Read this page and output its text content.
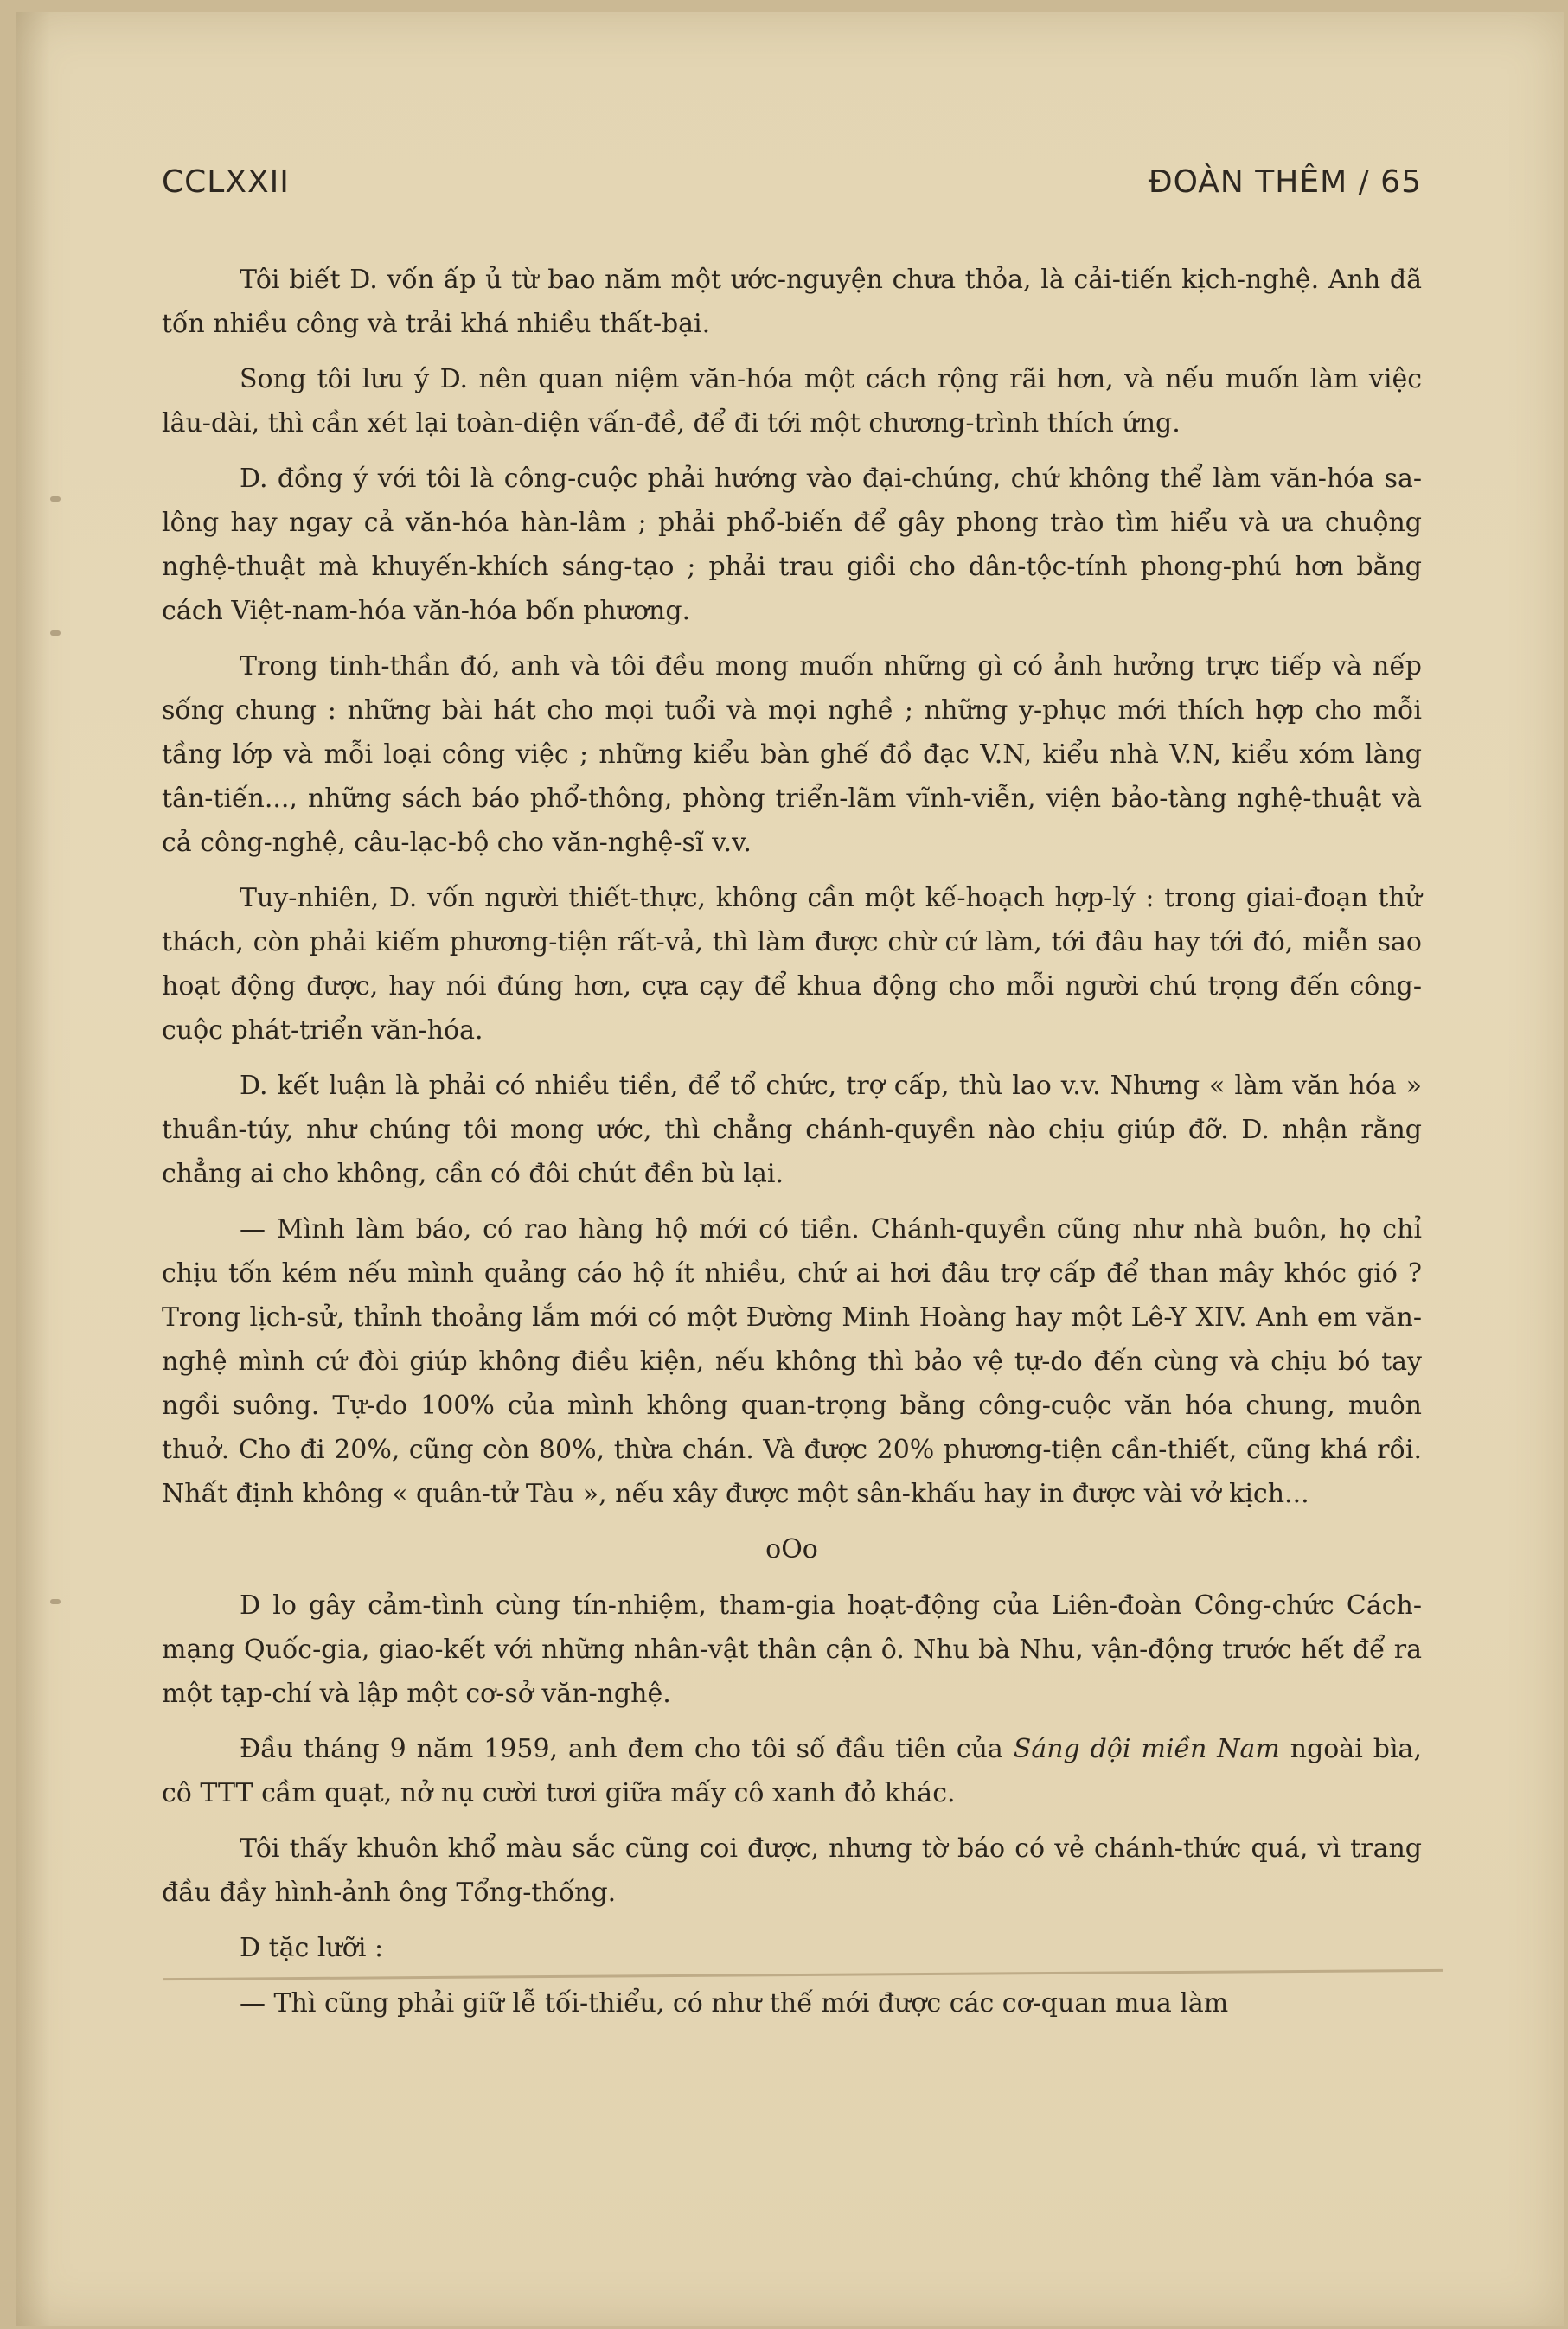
CCLXXII	ĐOÀN THÊM / 65

Tôi biết D. vốn ấp ủ từ bao năm một ước-nguyện chưa thỏa, là cải-tiến kịch-nghệ. Anh đã tốn nhiều công và trải khá nhiều thất-bại.

Song tôi lưu ý D. nên quan niệm văn-hóa một cách rộng rãi hơn, và nếu muốn làm việc lâu-dài, thì cần xét lại toàn-diện vấn-đề, để đi tới một chương-trình thích ứng.

D. đồng ý với tôi là công-cuộc phải hướng vào đại-chúng, chứ không thể làm văn-hóa sa-lông hay ngay cả văn-hóa hàn-lâm ; phải phổ-biến để gây phong trào tìm hiểu và ưa chuộng nghệ-thuật mà khuyến-khích sáng-tạo ; phải trau giồi cho dân-tộc-tính phong-phú hơn bằng cách Việt-nam-hóa văn-hóa bốn phương.

Trong tinh-thần đó, anh và tôi đều mong muốn những gì có ảnh hưởng trực tiếp và nếp sống chung : những bài hát cho mọi tuổi và mọi nghề ; những y-phục mới thích hợp cho mỗi tầng lớp và mỗi loại công việc ; những kiểu bàn ghế đồ đạc V.N, kiểu nhà V.N, kiểu xóm làng tân-tiến..., những sách báo phổ-thông, phòng triển-lãm vĩnh-viễn, viện bảo-tàng nghệ-thuật và cả công-nghệ, câu-lạc-bộ cho văn-nghệ-sĩ v.v.

Tuy-nhiên, D. vốn người thiết-thực, không cần một kế-hoạch hợp-lý : trong giai-đoạn thử thách, còn phải kiếm phương-tiện rất-vả, thì làm được chừ cứ làm, tới đâu hay tới đó, miễn sao hoạt động được, hay nói đúng hơn, cựa cạy để khua động cho mỗi người chú trọng đến công-cuộc phát-triển văn-hóa.

D. kết luận là phải có nhiều tiền, để tổ chức, trợ cấp, thù lao v.v. Nhưng « làm văn hóa » thuần-túy, như chúng tôi mong ước, thì chẳng chánh-quyền nào chịu giúp đỡ. D. nhận rằng chẳng ai cho không, cần có đôi chút đền bù lại.

— Mình làm báo, có rao hàng hộ mới có tiền. Chánh-quyền cũng như nhà buôn, họ chỉ chịu tốn kém nếu mình quảng cáo hộ ít nhiều, chứ ai hơi đâu trợ cấp để than mây khóc gió ? Trong lịch-sử, thỉnh thoảng lắm mới có một Đường Minh Hoàng hay một Lê-Y XIV. Anh em văn-nghệ mình cứ đòi giúp không điều kiện, nếu không thì bảo vệ tự-do đến cùng và chịu bó tay ngồi suông. Tự-do 100% của mình không quan-trọng bằng công-cuộc văn hóa chung, muôn thuở. Cho đi 20%, cũng còn 80%, thừa chán. Và được 20% phương-tiện cần-thiết, cũng khá rồi. Nhất định không « quân-tử Tàu », nếu xây được một sân-khấu hay in được vài vở kịch...

oOo

D lo gây cảm-tình cùng tín-nhiệm, tham-gia hoạt-động của Liên-đoàn Công-chức Cách-mạng Quốc-gia, giao-kết với những nhân-vật thân cận ô. Nhu bà Nhu, vận-động trước hết để ra một tạp-chí và lập một cơ-sở văn-nghệ.

Đầu tháng 9 năm 1959, anh đem cho tôi số đầu tiên của Sáng dội miền Nam ngoài bìa, cô TTT cầm quạt, nở nụ cười tươi giữa mấy cô xanh đỏ khác.

Tôi thấy khuôn khổ màu sắc cũng coi được, nhưng tờ báo có vẻ chánh-thức quá, vì trang đầu đầy hình-ảnh ông Tổng-thống.

D tặc lưỡi :

— Thì cũng phải giữ lễ tối-thiểu, có như thế mới được các cơ-quan mua làm
